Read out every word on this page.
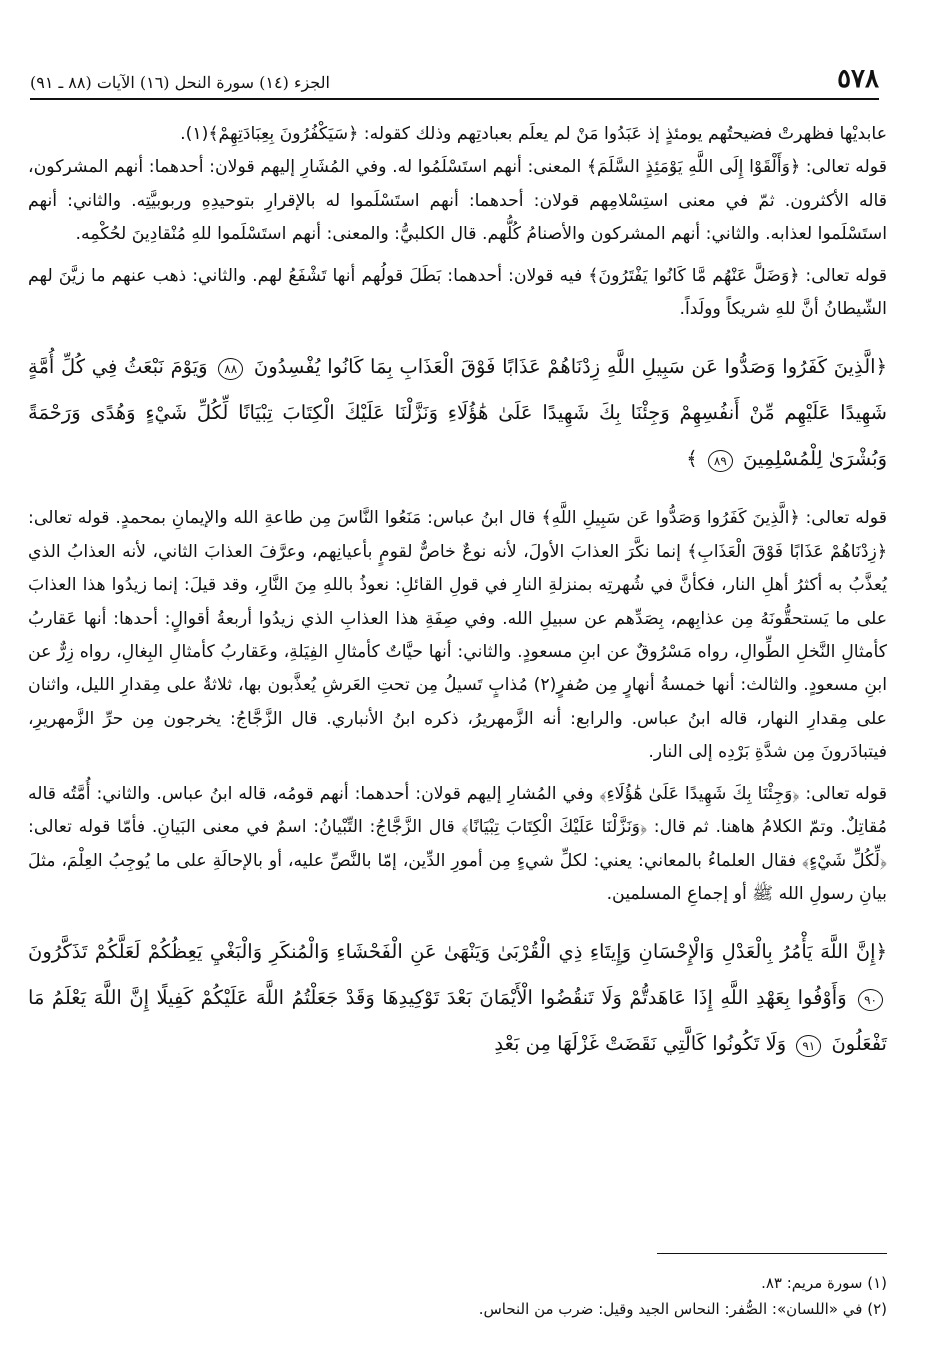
٥٧٨
الجزء (١٤) سورة النحل (١٦) الآيات (٨٨ ـ ٩١)

عابديْها فظهرتْ فضيحتُهم يومئذٍ إذ عَبَدُوا مَنْ لم يعلَم بعبادتِهم وذلك كقوله: ﴿سَيَكْفُرُونَ بِعِبَادَتِهِمْ﴾(١).

قوله تعالى: ﴿وَأَلْقَوْا إِلَى اللَّهِ يَوْمَئِذٍ السَّلَمَ﴾ المعنى: أنهم استَسْلَمُوا له. وفي المُشَارِ إليهم قولان: أحدهما: أنهم المشركون، قاله الأكثرون. ثمّ في معنى استِسْلامِهم قولان: أحدهما: أنهم استَسْلَموا له بالإقرارِ بتوحيدِهِ وربوبيَّتِه. والثاني: أنهم استَسْلَموا لعذابه. والثاني: أنهم المشركون والأصنامُ كُلُّهم. قال الكلبيُّ: والمعنى: أنهم استَسْلَموا للهِ مُنْقادِينَ لحُكْمِه.

قوله تعالى: ﴿وَضَلَّ عَنْهُم مَّا كَانُوا يَفْتَرُونَ﴾ فيه قولان: أحدهما: بَطَلَ قولُهم أنها تَشْفَعُ لهم. والثاني: ذهب عنهم ما زيَّنَ لهم الشّيطانُ أنَّ للهِ شريكاً وولَداً.

﴿الَّذِينَ كَفَرُوا وَصَدُّوا عَن سَبِيلِ اللَّهِ زِدْنَاهُمْ عَذَابًا فَوْقَ الْعَذَابِ بِمَا كَانُوا يُفْسِدُونَ ٨٨ وَيَوْمَ نَبْعَثُ فِي كُلِّ أُمَّةٍ شَهِيدًا عَلَيْهِم مِّنْ أَنفُسِهِمْ وَجِئْنَا بِكَ شَهِيدًا عَلَىٰ هَٰؤُلَاءِ وَنَزَّلْنَا عَلَيْكَ الْكِتَابَ تِبْيَانًا لِّكُلِّ شَيْءٍ وَهُدًى وَرَحْمَةً وَبُشْرَىٰ لِلْمُسْلِمِينَ ٨٩ ﴾

قوله تعالى: ﴿الَّذِينَ كَفَرُوا وَصَدُّوا عَن سَبِيلِ اللَّهِ﴾ قال ابنُ عباس: مَنَعُوا النَّاسَ مِن طاعةِ الله والإيمانِ بمحمدٍ. قوله تعالى: ﴿زِدْنَاهُمْ عَذَابًا فَوْقَ الْعَذَابِ﴾ إنما نكَّرَ العذابَ الأولَ، لأنه نوعٌ خاصٌّ لقومٍ بأعيانِهم، وعرَّفَ العذابَ الثاني، لأنه العذابُ الذي يُعذَّبُ به أكثرُ أهلِ النار، فكأنَّ في شُهرتِه بمنزلةِ النارِ في قولِ القائلِ: نعوذُ باللهِ مِنَ النَّارِ، وقد قيلَ: إنما زيدُوا هذا العذابَ على ما يَستحقُّونَهُ مِن عذابِهم، بِصَدِّهم عن سبيلِ الله. وفي صِفَةِ هذا العذابِ الذي زيدُوا أربعةُ أقوالٍ: أحدها: أنها عَقاربُ كأمثالِ النَّخلِ الطِّوالِ، رواه مَسْرُوقٌ عن ابنِ مسعودٍ. والثاني: أنها حيَّاتٌ كأمثالِ الفِيَلةِ، وعَقاربُ كأمثالِ البِغالِ، رواه زِرٌّ عن ابنِ مسعودٍ. والثالث: أنها خمسةُ أنهارٍ مِن صُفرٍ(٢) مُذابٍ تَسيلُ مِن تحتِ العَرشِ يُعذَّبون بها، ثلاثةٌ على مِقدارِ الليل، واثنان على مِقدارِ النهار، قاله ابنُ عباس. والرابع: أنه الزَّمهريرُ، ذكره ابنُ الأنباري. قال الزَّجَّاجُ: يخرجون مِن حرِّ الزَّمهريرِ، فيتبادَرونَ مِن شدَّةِ بَرْدِه إلى النار.

قوله تعالى: ﴿وَجِئْنَا بِكَ شَهِيدًا عَلَىٰ هَٰؤُلَاءِ﴾ وفي المُشارِ إليهم قولان: أحدهما: أنهم قومُه، قاله ابنُ عباس. والثاني: أُمَّتُه قاله مُقاتِلٌ. وتمّ الكلامُ هاهنا. ثم قال: ﴿وَنَزَّلْنَا عَلَيْكَ الْكِتَابَ تِبْيَانًا﴾ قال الزَّجَّاجُ: التِّبْيانُ: اسمٌ في معنى البَيانِ. فأمّا قوله تعالى: ﴿لِّكُلِّ شَيْءٍ﴾ فقال العلماءُ بالمعاني: يعني: لكلِّ شيءٍ مِن أمورِ الدِّين، إمّا بالنَّصِّ عليه، أو بالإحالَةِ على ما يُوجِبُ العِلْمَ، مثلَ بيانِ رسولِ الله ﷺ أو إجماعِ المسلمين.

﴿إِنَّ اللَّهَ يَأْمُرُ بِالْعَدْلِ وَالْإِحْسَانِ وَإِيتَاءِ ذِي الْقُرْبَىٰ وَيَنْهَىٰ عَنِ الْفَحْشَاءِ وَالْمُنكَرِ وَالْبَغْيِ يَعِظُكُمْ لَعَلَّكُمْ تَذَكَّرُونَ ٩٠ وَأَوْفُوا بِعَهْدِ اللَّهِ إِذَا عَاهَدتُّمْ وَلَا تَنقُضُوا الْأَيْمَانَ بَعْدَ تَوْكِيدِهَا وَقَدْ جَعَلْتُمُ اللَّهَ عَلَيْكُمْ كَفِيلًا إِنَّ اللَّهَ يَعْلَمُ مَا تَفْعَلُونَ ٩١ وَلَا تَكُونُوا كَالَّتِي نَقَضَتْ غَزْلَهَا مِن بَعْدِ

(١) سورة مريم: ٨٣.

(٢) في «اللسان»: الصُّفر: النحاس الجيد وقيل: ضرب من النحاس.
